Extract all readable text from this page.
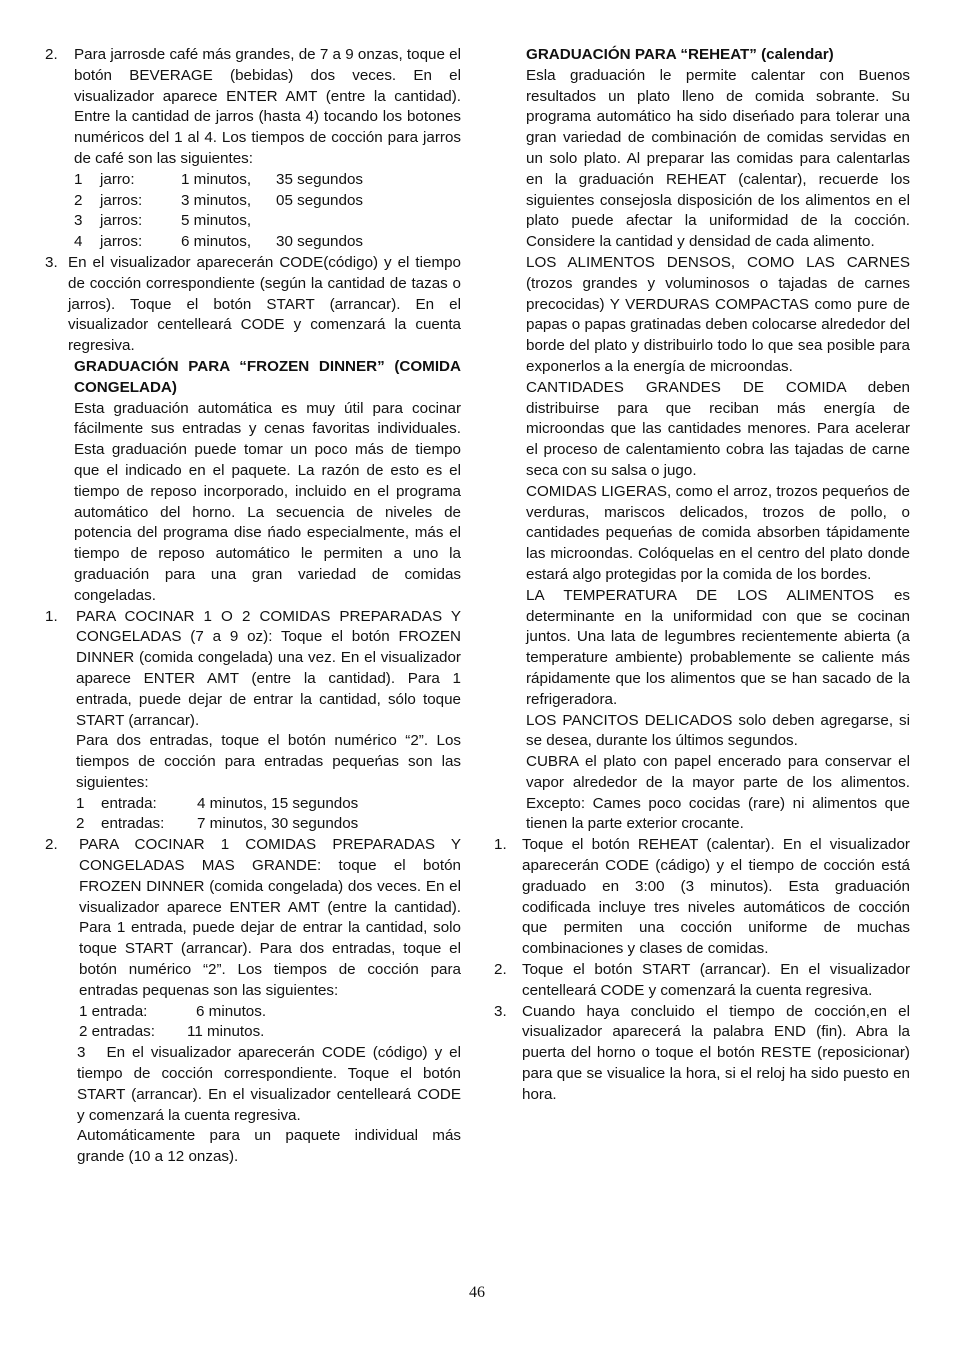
2.	Para jarrosde café más grandes, de 7 a 9 onzas, toque el botón BEVERAGE (bebidas) dos veces. En el visualizador aparece ENTER AMT (entre la cantidad). Entre la cantidad de jarros (hasta 4) tocando los botones numéricos del 1 al 4. Los tiempos de cocción para jarros de café son las siguientes:
1	jarro:	1 minutos,	35 segundos
2	jarros:	3 minutos,	05 segundos
3	jarros:	5 minutos,
4	jarros:	6 minutos,	30 segundos
3. En el visualizador aparecerán CODE(código) y el tiempo de cocción correspondiente (según la cantidad de tazas o jarros). Toque el botón START (arrancar). En el visualizador centelleará CODE y comenzará la cuenta regresiva.
GRADUACIÓN PARA “FROZEN DINNER” (COMIDA CONGELADA)
Esta graduación automática es muy útil para cocinar fácilmente sus entradas y cenas favoritas individuales. Esta graduación puede tomar un poco más de tiempo que el indicado en el paquete. La razón de esto es el tiempo de reposo incorporado, incluido en el programa automático del horno. La secuencia de niveles de potencia del programa dise ńado especialmente, más el tiempo de reposo automático le permiten a uno la graduación para una gran variedad de comidas congeladas.
1.	PARA COCINAR 1 O 2 COMIDAS PREPARADAS Y CONGELADAS (7 a 9 oz): Toque el botón FROZEN DINNER (comida congelada) una vez. En el visualizador aparece ENTER AMT (entre la cantidad). Para 1 entrada, puede dejar de entrar la cantidad, sólo toque START (arrancar).
Para dos entradas, toque el botón numérico “2”. Los tiempos de cocción para entradas pequeńas son las siguientes:
1	entrada:	4 minutos, 15 segundos
2	entradas:	7 minutos, 30 segundos
2.	PARA COCINAR 1 COMIDAS PREPARADAS Y CONGELADAS MAS GRANDE: toque el botón FROZEN DINNER (comida congelada) dos veces. En el visualizador aparece ENTER AMT (entre la cantidad). Para 1 entrada, puede dejar de entrar la cantidad, solo toque START (arrancar). Para dos entradas, toque el botón numérico “2”. Los tiempos de cocción para entradas pequenas son las siguientes:
1 entrada:	6 minutos.
2 entradas:	11 minutos.
3 En el visualizador aparecerán CODE (código) y el tiempo de cocción correspondiente. Toque el botón START (arrancar). En el visualizador centelleará CODE y comenzará la cuenta regresiva.
Automáticamente para un paquete individual más grande (10 a 12 onzas).
GRADUACIÓN PARA “REHEAT” (calendar)
Esla graduación le permite calentar con Buenos resultados un plato lleno de comida sobrante. Su programa automático ha sido diseńado para tolerar una gran variedad de combinación de comidas servidas en un solo plato. Al preparar las comidas para calentarlas en la graduación REHEAT (calentar), recuerde los siguientes consejosla disposición de los alimentos en el plato puede afectar la uniformidad de la cocción. Considere la cantidad y densidad de cada alimento.
LOS ALIMENTOS DENSOS, COMO LAS CARNES (trozos grandes y voluminosos o tajadas de carnes precocidas) Y VERDURAS COMPACTAS como pure de papas o papas gratinadas deben colocarse alrededor del borde del plato y distribuirlo todo lo que sea posible para exponerlos a la energía de microondas.
CANTIDADES GRANDES DE COMIDA deben distribuirse para que reciban más energía de microondas que las cantidades menores. Para acelerar el proceso de calentamiento cobra las tajadas de carne seca con su salsa o jugo.
COMIDAS LIGERAS, como el arroz, trozos pequeńos de verduras, mariscos delicados, trozos de pollo, o cantidades pequeńas de comida absorben tápidamente las microondas. Colóquelas en el centro del plato donde estará algo protegidas por la comida de los bordes.
LA TEMPERATURA DE LOS ALIMENTOS es determinante en la uniformidad con que se cocinan juntos. Una lata de legumbres recientemente abierta (a temperature ambiente) probablemente se caliente más rápidamente que los alimentos que se han sacado de la refrigeradora.
LOS PANCITOS DELICADOS solo deben agregarse, si se desea, durante los últimos segundos.
CUBRA el plato con papel encerado para conservar el vapor alrededor de la mayor parte de los alimentos. Excepto: Cames poco cocidas (rare) ni alimentos que tienen la parte exterior crocante.
1.	Toque el botón REHEAT (calentar). En el visualizador aparecerán CODE (cádigo) y el tiempo de cocción está graduado en 3:00 (3 minutos). Esta graduación codificada incluye tres niveles automáticos de cocción que permiten una cocción uniforme de muchas combinaciones y clases de comidas.
2.	Toque el botón START (arrancar). En el visualizador centelleará CODE y comenzará la cuenta regresiva.
3.	Cuando haya concluido el tiempo de cocción,en el visualizador aparecerá la palabra END (fin). Abra la puerta del horno o toque el botón RESTE (reposicionar) para que se visualice la hora, si el reloj ha sido puesto en hora.
46
